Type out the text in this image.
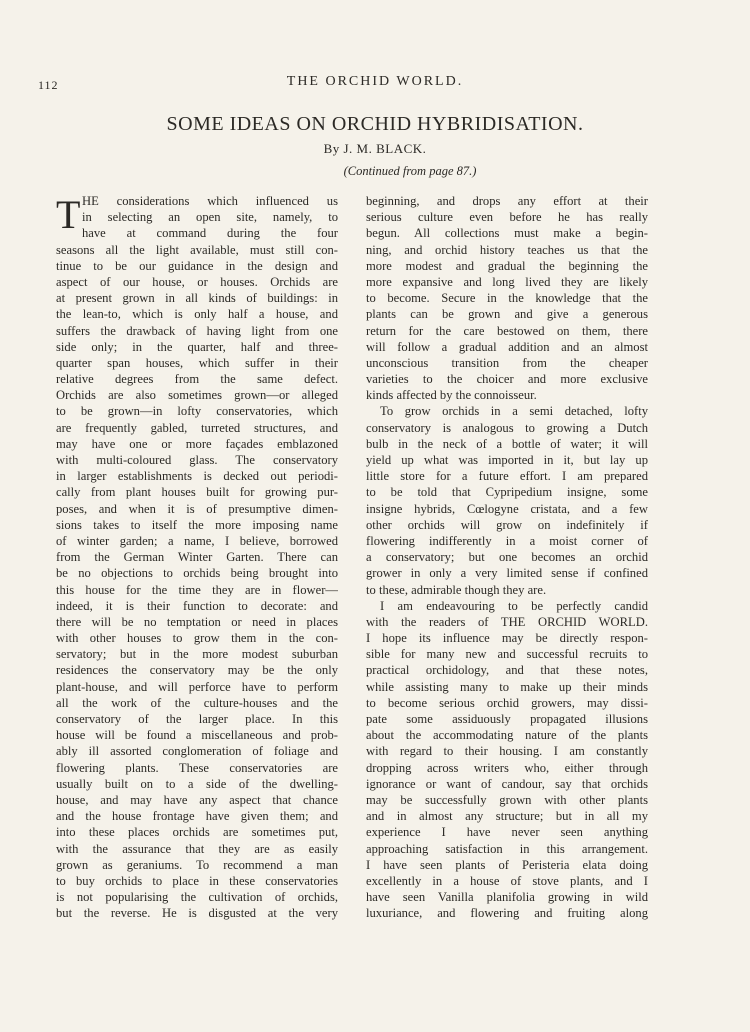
112	THE ORCHID WORLD.
SOME IDEAS ON ORCHID HYBRIDISATION.
By J. M. BLACK.
(Continued from page 87.)
T HE considerations which influenced us
in selecting an open site, namely, to
have at command during the four
seasons all the light available, must still con-
tinue to be our guidance in the design and
aspect of our house, or houses. Orchids are
at present grown in all kinds of buildings: in
the lean-to, which is only half a house, and
suffers the drawback of having light from one
side only; in the quarter, half and three-
quarter span houses, which suffer in their
relative degrees from the same defect.
Orchids are also sometimes grown—or alleged
to be grown—in lofty conservatories, which
are frequently gabled, turreted structures, and
may have one or more façades emblazoned
with multi-coloured glass. The conservatory
in larger establishments is decked out periodi-
cally from plant houses built for growing pur-
poses, and when it is of presumptive dimen-
sions takes to itself the more imposing name
of winter garden; a name, I believe, borrowed
from the German Winter Garten. There can
be no objections to orchids being brought into
this house for the time they are in flower—
indeed, it is their function to decorate: and
there will be no temptation or need in places
with other houses to grow them in the con-
servatory; but in the more modest suburban
residences the conservatory may be the only
plant-house, and will perforce have to perform
all the work of the culture-houses and the
conservatory of the larger place. In this
house will be found a miscellaneous and prob-
ably ill assorted conglomeration of foliage and
flowering plants. These conservatories are
usually built on to a side of the dwelling-
house, and may have any aspect that chance
and the house frontage have given them; and
into these places orchids are sometimes put,
with the assurance that they are as easily
grown as geraniums. To recommend a man
to buy orchids to place in these conservatories
is not popularising the cultivation of orchids,
but the reverse. He is disgusted at the very
beginning, and drops any effort at their
serious culture even before he has really
begun. All collections must make a begin-
ning, and orchid history teaches us that the
more modest and gradual the beginning the
more expansive and long lived they are likely
to become. Secure in the knowledge that the
plants can be grown and give a generous
return for the care bestowed on them, there
will follow a gradual addition and an almost
unconscious transition from the cheaper
varieties to the choicer and more exclusive
kinds affected by the connoisseur.
To grow orchids in a semi detached, lofty
conservatory is analogous to growing a Dutch
bulb in the neck of a bottle of water; it will
yield up what was imported in it, but lay up
little store for a future effort. I am prepared
to be told that Cypripedium insigne, some
insigne hybrids, Cœlogyne cristata, and a few
other orchids will grow on indefinitely if
flowering indifferently in a moist corner of
a conservatory; but one becomes an orchid
grower in only a very limited sense if confined
to these, admirable though they are.
I am endeavouring to be perfectly candid
with the readers of THE ORCHID WORLD.
I hope its influence may be directly respon-
sible for many new and successful recruits to
practical orchidology, and that these notes,
while assisting many to make up their minds
to become serious orchid growers, may dissi-
pate some assiduously propagated illusions
about the accommodating nature of the plants
with regard to their housing. I am constantly
dropping across writers who, either through
ignorance or want of candour, say that orchids
may be successfully grown with other plants
and in almost any structure; but in all my
experience I have never seen anything
approaching satisfaction in this arrangement.
I have seen plants of Peristeria elata doing
excellently in a house of stove plants, and I
have seen Vanilla planifolia growing in wild
luxuriance, and flowering and fruiting along
